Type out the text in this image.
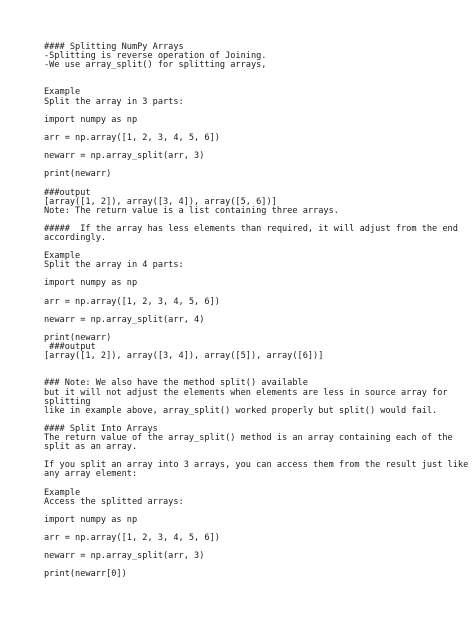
#### Splitting NumPy Arrays
-Splitting is reverse operation of Joining.
-We use array_split() for splitting arrays,
Example
Split the array in 3 parts:
import numpy as np
arr = np.array([1, 2, 3, 4, 5, 6])
newarr = np.array_split(arr, 3)
print(newarr)
###output
[array([1, 2]), array([3, 4]), array([5, 6])]
Note: The return value is a list containing three arrays.
#####  If the array has less elements than required, it will adjust from the end
accordingly.
Example
Split the array in 4 parts:
import numpy as np
arr = np.array([1, 2, 3, 4, 5, 6])
newarr = np.array_split(arr, 4)
print(newarr)
###output
[array([1, 2]), array([3, 4]), array([5]), array([6])]
### Note: We also have the method split() available
but it will not adjust the elements when elements are less in source array for
splitting
like in example above, array_split() worked properly but split() would fail.
#### Split Into Arrays
The return value of the array_split() method is an array containing each of the
split as an array.
If you split an array into 3 arrays, you can access them from the result just like
any array element:
Example
Access the splitted arrays:
import numpy as np
arr = np.array([1, 2, 3, 4, 5, 6])
newarr = np.array_split(arr, 3)
print(newarr[0])
